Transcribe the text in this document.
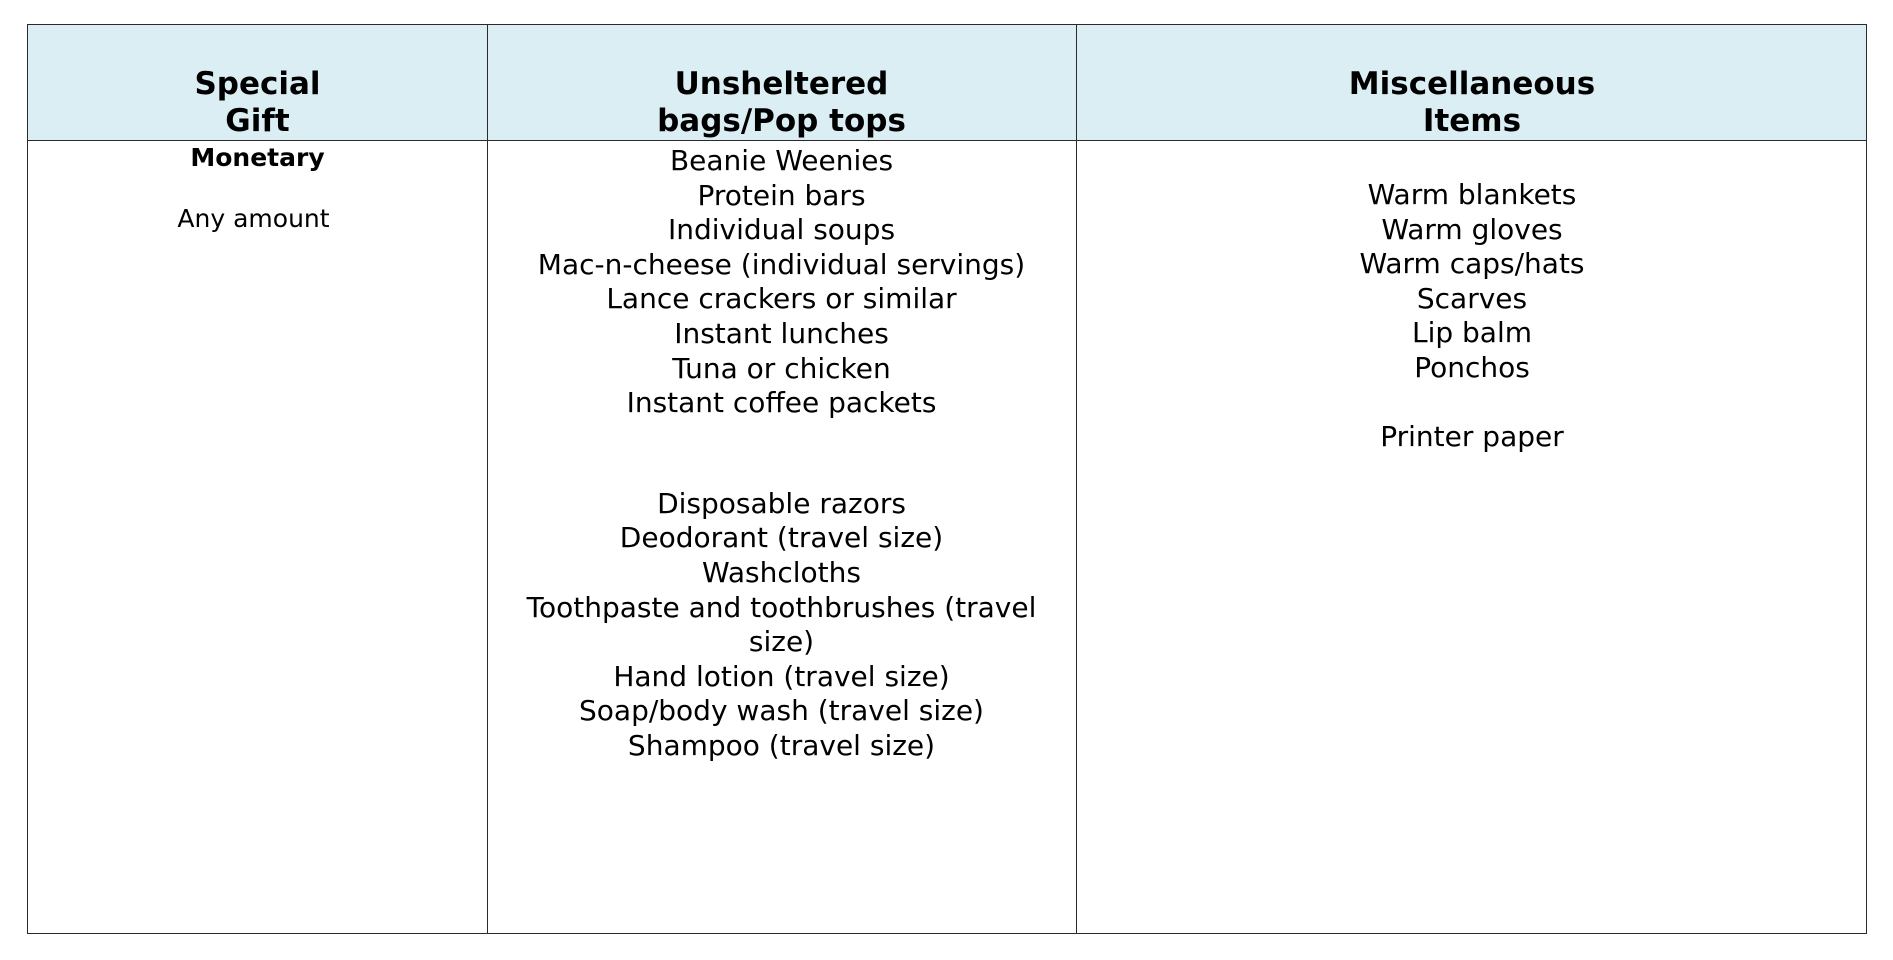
Special
Gift
Unsheltered
bags/Pop tops
Miscellaneous
Items
Monetary
Any amount
Beanie Weenies
Protein bars
Individual soups
Mac-n-cheese (individual servings)
Lance crackers or similar
Instant lunches
Tuna or chicken
Instant coffee packets
Disposable razors
Deodorant (travel size)
Washcloths
Toothpaste and toothbrushes (travel size)
Hand lotion (travel size)
Soap/body wash (travel size)
Shampoo (travel size)
Warm blankets
Warm gloves
Warm caps/hats
Scarves
Lip balm
Ponchos
Printer paper
